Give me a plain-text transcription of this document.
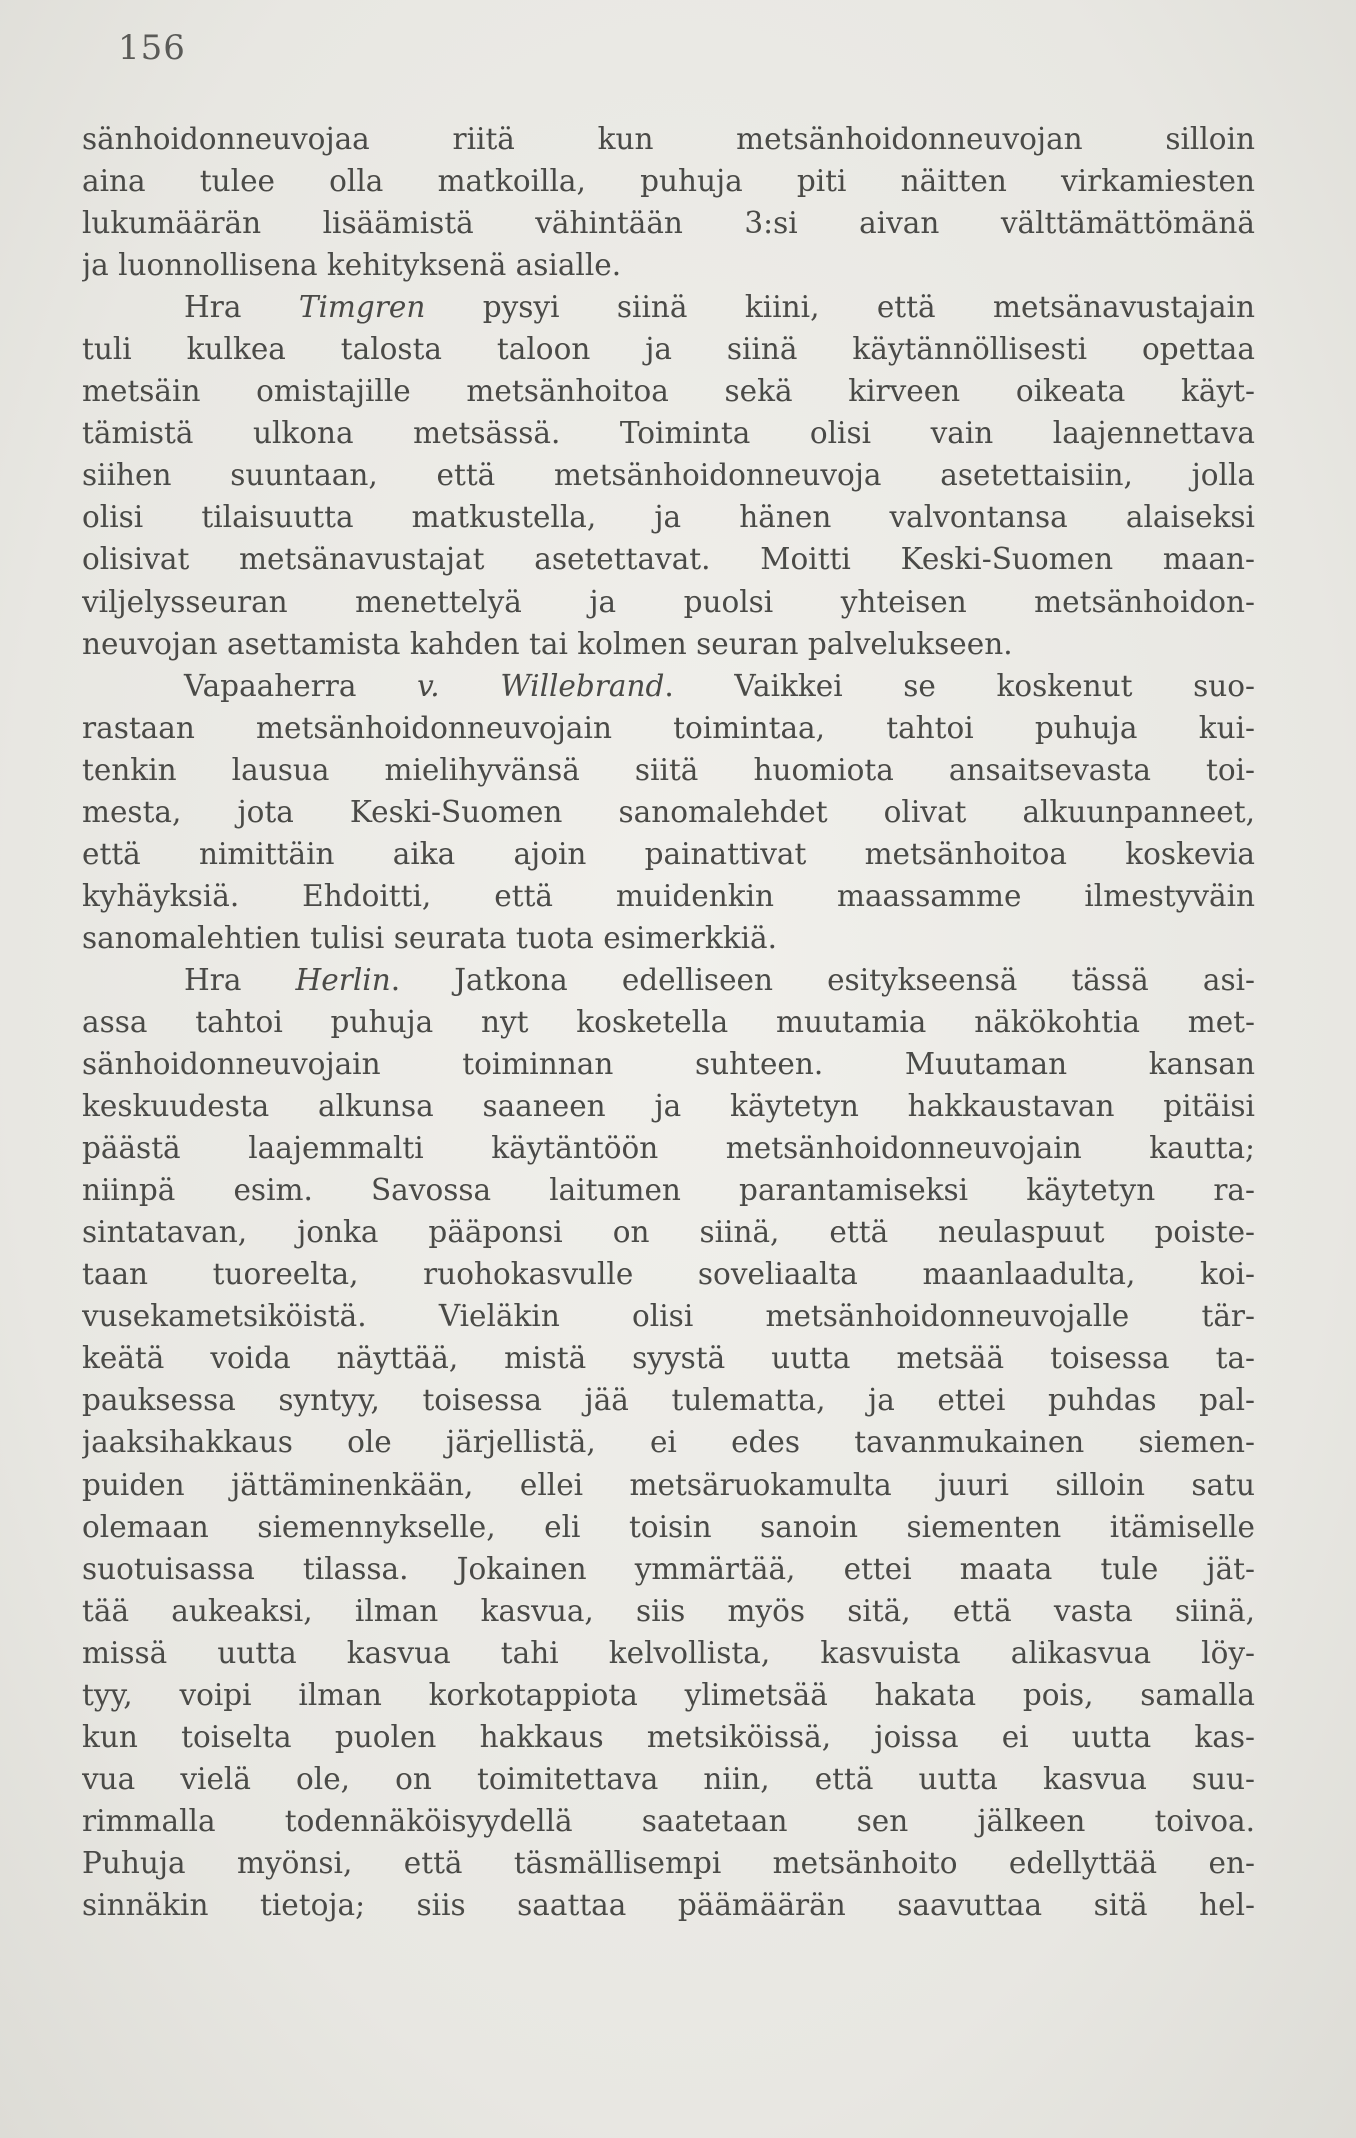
156
sänhoidonneuvojaa riitä kun metsänhoidonneuvojan silloin
aina tulee olla matkoilla, puhuja piti näitten virkamiesten
lukumäärän lisäämistä vähintään 3:si aivan välttämättömänä
ja luonnollisena kehityksenä asialle.
Hra Timgren pysyi siinä kiini, että metsänavustajain
tuli kulkea talosta taloon ja siinä käytännöllisesti opettaa
metsäin omistajille metsänhoitoa sekä kirveen oikeata käyt-
tämistä ulkona metsässä. Toiminta olisi vain laajennettava
siihen suuntaan, että metsänhoidonneuvoja asetettaisiin, jolla
olisi tilaisuutta matkustella, ja hänen valvontansa alaiseksi
olisivat metsänavustajat asetettavat. Moitti Keski-Suomen maan-
viljelysseuran menettelyä ja puolsi yhteisen metsänhoidon-
neuvojan asettamista kahden tai kolmen seuran palvelukseen.
Vapaaherra v. Willebrand. Vaikkei se koskenut suo-
rastaan metsänhoidonneuvojain toimintaa, tahtoi puhuja kui-
tenkin lausua mielihyvänsä siitä huomiota ansaitsevasta toi-
mesta, jota Keski-Suomen sanomalehdet olivat alkuunpanneet,
että nimittäin aika ajoin painattivat metsänhoitoa koskevia
kyhäyksiä. Ehdoitti, että muidenkin maassamme ilmestyväin
sanomalehtien tulisi seurata tuota esimerkkiä.
Hra Herlin. Jatkona edelliseen esitykseensä tässä asi-
assa tahtoi puhuja nyt kosketella muutamia näkökohtia met-
sänhoidonneuvojain toiminnan suhteen. Muutaman kansan
keskuudesta alkunsa saaneen ja käytetyn hakkaustavan pitäisi
päästä laajemmalti käytäntöön metsänhoidonneuvojain kautta;
niinpä esim. Savossa laitumen parantamiseksi käytetyn ra-
sintatavan, jonka pääponsi on siinä, että neulaspuut poiste-
taan tuoreelta, ruohokasvulle soveliaalta maanlaadulta, koi-
vusekametsiköistä. Vieläkin olisi metsänhoidonneuvojalle tär-
keätä voida näyttää, mistä syystä uutta metsää toisessa ta-
pauksessa syntyy, toisessa jää tulematta, ja ettei puhdas pal-
jaaksihakkaus ole järjellistä, ei edes tavanmukainen siemen-
puiden jättäminenkään, ellei metsäruokamulta juuri silloin satu
olemaan siemennykselle, eli toisin sanoin siementen itämiselle
suotuisassa tilassa. Jokainen ymmärtää, ettei maata tule jät-
tää aukeaksi, ilman kasvua, siis myös sitä, että vasta siinä,
missä uutta kasvua tahi kelvollista, kasvuista alikasvua löy-
tyy, voipi ilman korkotappiota ylimetsää hakata pois, samalla
kun toiselta puolen hakkaus metsiköissä, joissa ei uutta kas-
vua vielä ole, on toimitettava niin, että uutta kasvua suu-
rimmalla todennäköisyydellä saatetaan sen jälkeen toivoa.
Puhuja myönsi, että täsmällisempi metsänhoito edellyttää en-
sinnäkin tietoja; siis saattaa päämäärän saavuttaa sitä hel-
